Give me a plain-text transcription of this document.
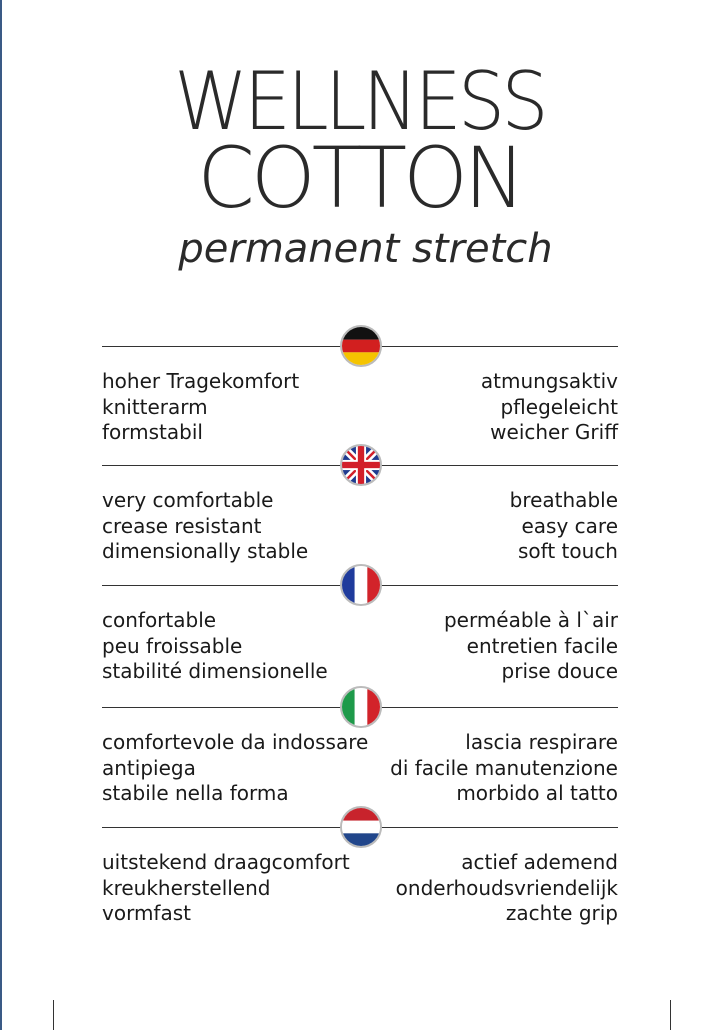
WELLNESS
COTTON
permanent stretch
hoher Tragekomfort
knitterarm
formstabil
atmungsaktiv
pflegeleicht
weicher Griff
very comfortable
crease resistant
dimensionally stable
breathable
easy care
soft touch
confortable
peu froissable
stabilité dimensionelle
perméable à l`air
entretien facile
prise douce
comfortevole da indossare
antipiega
stabile nella forma
lascia respirare
di facile manutenzione
morbido al tatto
uitstekend draagcomfort
kreukherstellend
vormfast
actief ademend
onderhoudsvriendelijk
zachte grip
